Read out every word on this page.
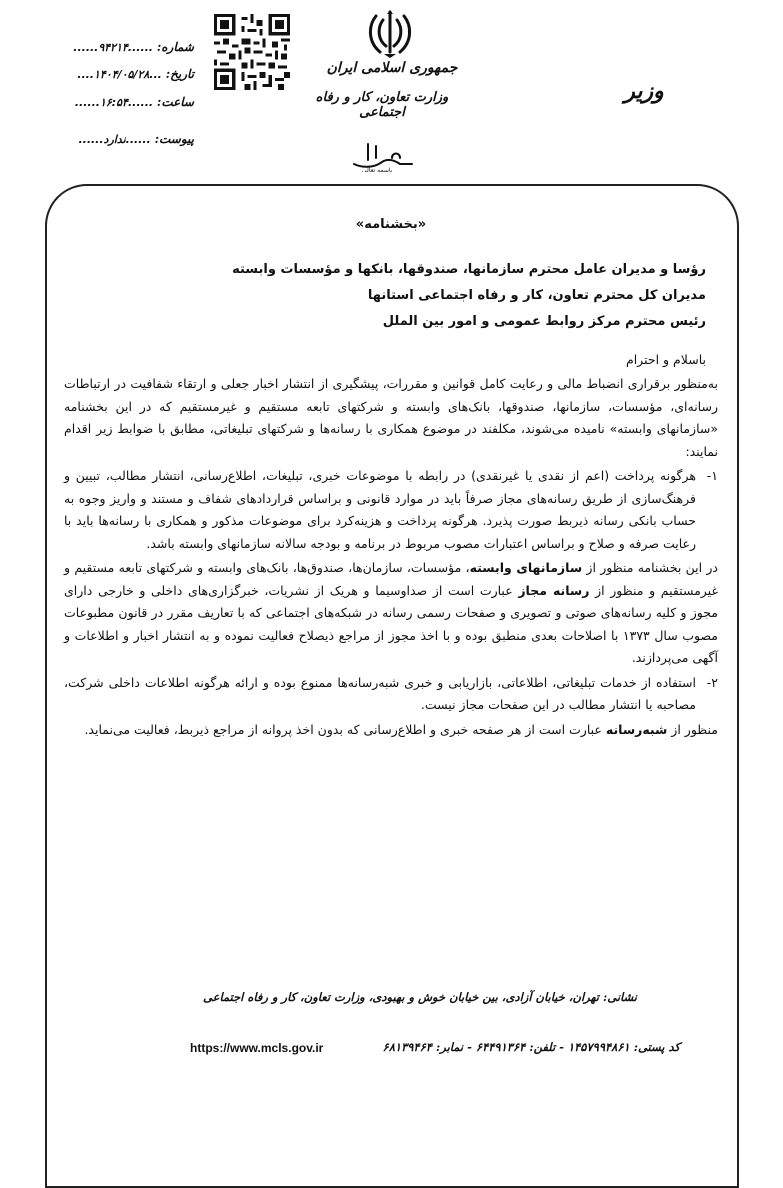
جمهوری اسلامی ایران
وزارت تعاون، کار و رفاه اجتماعی
وزیر
شماره: ......۹۴۲۱۴......
تاریخ: ...۱۴۰۴/۰۵/۲۸....
ساعت: ......۱۶:۵۴......
پیوست: ......ندارد......
باسمه تعالی
«بخشنامه»
رؤسا و مدیران عامل محترم سازمانها، صندوقها، بانکها و مؤسسات وابسته
مدیران کل محترم تعاون، کار و رفاه اجتماعی استانها
رئیس محترم مرکز روابط عمومی و امور بین الملل
باسلام و احترام
به‌منظور برقراری انضباط مالی و رعایت کامل قوانین و مقررات، پیشگیری از انتشار اخبار جعلی و ارتقاء شفافیت در ارتباطات رسانه‌ای، مؤسسات، سازمانها، صندوقها، بانک‌های وابسته و شرکتهای تابعه مستقیم و غیرمستقیم که در این بخشنامه «سازمانهای وابسته» نامیده می‌شوند، مکلفند در موضوع همکاری با رسانه‌ها و شرکتهای تبلیغاتی، مطابق با ضوابط زیر اقدام نمایند:
۱-
هرگونه پرداخت (اعم از نقدی یا غیرنقدی) در رابطه با موضوعات خبری، تبلیغات، اطلاع‌رسانی، انتشار مطالب، تبیین و فرهنگ‌سازی از طریق رسانه‌های مجاز صرفاً باید در موارد قانونی و براساس قراردادهای شفاف و مستند و واریز وجوه به حساب بانکی رسانه ذیربط صورت پذیرد. هرگونه پرداخت و هزینه‌کرد برای موضوعات مذکور و همکاری با رسانه‌ها باید با رعایت صرفه و صلاح و براساس اعتبارات مصوب مربوط در برنامه و بودجه سالانه سازمانهای وابسته باشد.
در این بخشنامه منظور از سازمانهای وابسته، مؤسسات، سازمان‌ها، صندوق‌ها، بانک‌های وابسته و شرکتهای تابعه مستقیم و غیرمستقیم و منظور از رسانه مجاز عبارت است از صداوسیما و هریک از نشریات، خبرگزاری‌های داخلی و خارجی دارای مجوز و کلیه رسانه‌های صوتی و تصویری و صفحات رسمی رسانه در شبکه‌های اجتماعی که با تعاریف مقرر در قانون مطبوعات مصوب سال ۱۳۷۳ با اصلاحات بعدی منطبق بوده و با اخذ مجوز از مراجع ذیصلاح فعالیت نموده و به انتشار اخبار و اطلاعات و آگهی می‌پردازند.
۲-
استفاده از خدمات تبلیغاتی، اطلاعاتی، بازاریابی و خبری شبه‌رسانه‌ها ممنوع بوده و ارائه هرگونه اطلاعات داخلی شرکت، مصاحبه یا انتشار مطالب در این صفحات مجاز نیست.
منظور از شبه‌رسانه عبارت است از هر صفحه خبری و اطلاع‌رسانی که بدون اخذ پروانه از مراجع ذیربط، فعالیت می‌نماید.
نشانی: تهران، خیابان آزادی، بین خیابان خوش و بهبودی، وزارت تعاون، کار و رفاه اجتماعی
کد پستی: ۱۴۵۷۹۹۴۸۶۱ - تلفن: ۶۴۴۹۱۳۶۴ - نمابر: ۶۸۱۳۹۴۶۴
https://www.mcls.gov.ir
